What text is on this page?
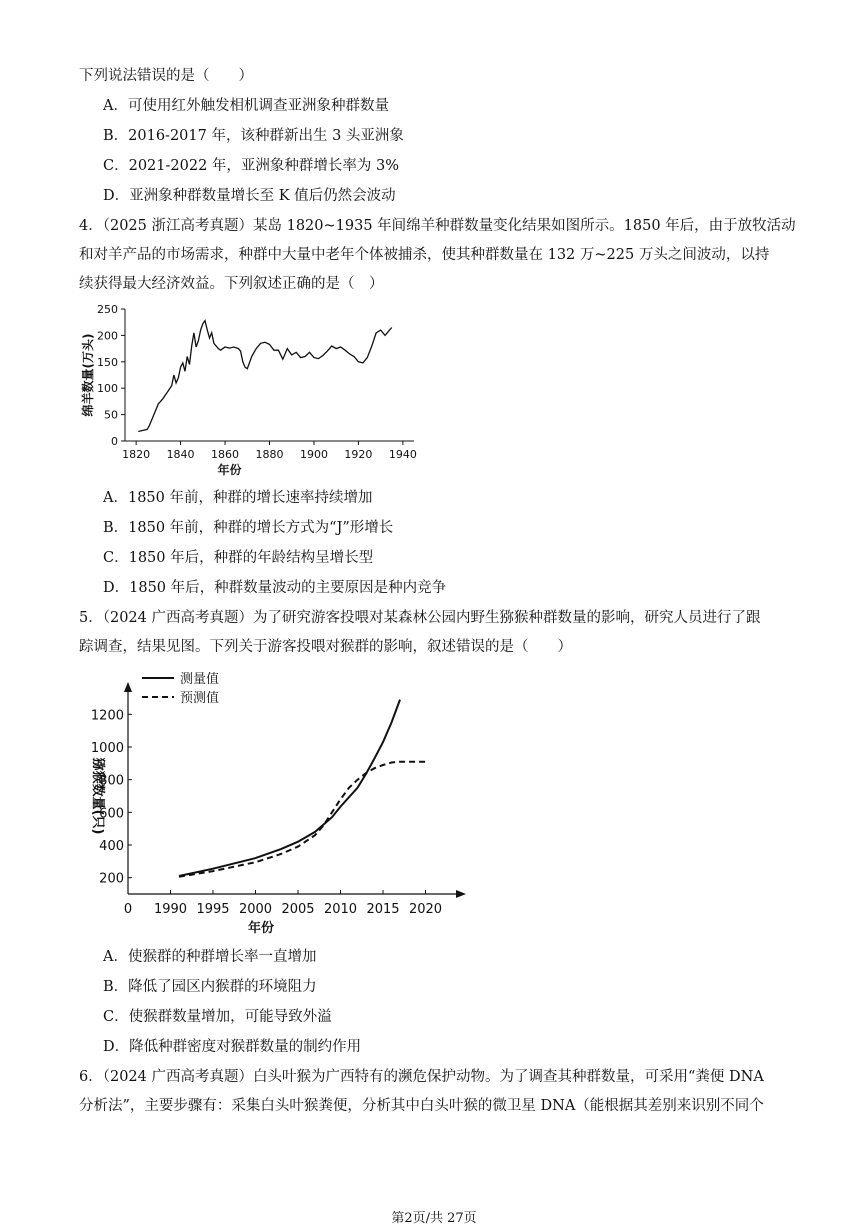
下列说法错误的是（　　）
A．可使用红外触发相机调查亚洲象种群数量
B．2016-2017 年，该种群新出生 3 头亚洲象
C．2021-2022 年，亚洲象种群增长率为 3%
D．亚洲象种群数量增长至 K 值后仍然会波动
4．（2025 浙江高考真题）某岛 1820~1935 年间绵羊种群数量变化结果如图所示。1850 年后，由于放牧活动
和对羊产品的市场需求，种群中大量中老年个体被捕杀，使其种群数量在 132 万~225 万头之间波动，以持
续获得最大经济效益。下列叙述正确的是（　）
0
50
100
150
200
250
1820 1840 1860 1880 1900 1920 1940
年份
绵羊数量(万头)
A．1850 年前，种群的增长速率持续增加
B．1850 年前，种群的增长方式为“J”形增长
C．1850 年后，种群的年龄结构呈增长型
D．1850 年后，种群数量波动的主要原因是种内竞争
5．（2024 广西高考真题）为了研究游客投喂对某森林公园内野生猕猴种群数量的影响，研究人员进行了跟
踪调查，结果见图。下列关于游客投喂对猴群的影响，叙述错误的是（　　）
200
400
600
800
1000
1200
0 1990 1995 2000 2005 2010 2015 2020
年份
猕猴数量(只)
测量值
预测值
A．使猴群的种群增长率一直增加
B．降低了园区内猴群的环境阻力
C．使猴群数量增加，可能导致外溢
D．降低种群密度对猴群数量的制约作用
6．（2024 广西高考真题）白头叶猴为广西特有的濒危保护动物。为了调查其种群数量，可采用“粪便 DNA
分析法”，主要步骤有：采集白头叶猴粪便，分析其中白头叶猴的微卫星 DNA（能根据其差别来识别不同个
第2页/共 27页
